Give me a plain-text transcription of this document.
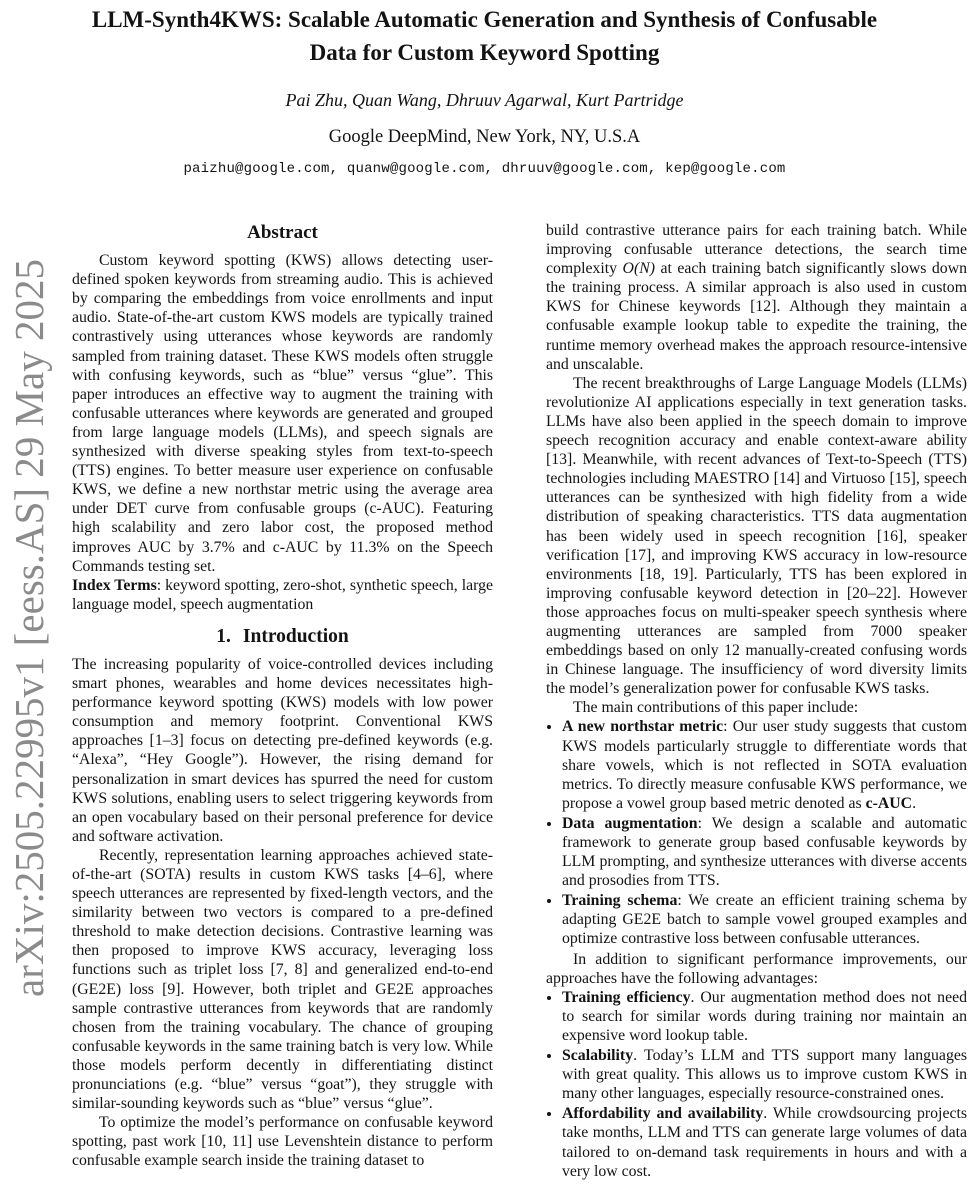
arXiv:2505.22995v1 [eess.AS] 29 May 2025
LLM-Synth4KWS: Scalable Automatic Generation and Synthesis of Confusable
Data for Custom Keyword Spotting
Pai Zhu, Quan Wang, Dhruuv Agarwal, Kurt Partridge
Google DeepMind, New York, NY, U.S.A
paizhu@google.com, quanw@google.com, dhruuv@google.com, kep@google.com
Abstract

Custom keyword spotting (KWS) allows detecting user-defined spoken keywords from streaming audio. This is achieved by comparing the embeddings from voice enrollments and input audio. State-of-the-art custom KWS models are typically trained contrastively using utterances whose keywords are randomly sampled from training dataset. These KWS models often struggle with confusing keywords, such as “blue” versus “glue”. This paper introduces an effective way to augment the training with confusable utterances where keywords are generated and grouped from large language models (LLMs), and speech signals are synthesized with diverse speaking styles from text-to-speech (TTS) engines. To better measure user experience on confusable KWS, we define a new northstar metric using the average area under DET curve from confusable groups (c-AUC). Featuring high scalability and zero labor cost, the proposed method improves AUC by 3.7% and c-AUC by 11.3% on the Speech Commands testing set.

Index Terms: keyword spotting, zero-shot, synthetic speech, large language model, speech augmentation

1. Introduction

The increasing popularity of voice-controlled devices including smart phones, wearables and home devices necessitates high-performance keyword spotting (KWS) models with low power consumption and memory footprint. Conventional KWS approaches [1–3] focus on detecting pre-defined keywords (e.g. “Alexa”, “Hey Google”). However, the rising demand for personalization in smart devices has spurred the need for custom KWS solutions, enabling users to select triggering keywords from an open vocabulary based on their personal preference for device and software activation.

Recently, representation learning approaches achieved state-of-the-art (SOTA) results in custom KWS tasks [4–6], where speech utterances are represented by fixed-length vectors, and the similarity between two vectors is compared to a pre-defined threshold to make detection decisions. Contrastive learning was then proposed to improve KWS accuracy, leveraging loss functions such as triplet loss [7, 8] and generalized end-to-end (GE2E) loss [9]. However, both triplet and GE2E approaches sample contrastive utterances from keywords that are randomly chosen from the training vocabulary. The chance of grouping confusable keywords in the same training batch is very low. While those models perform decently in differentiating distinct pronunciations (e.g. “blue” versus “goat”), they struggle with similar-sounding keywords such as “blue” versus “glue”.

To optimize the model’s performance on confusable keyword spotting, past work [10, 11] use Levenshtein distance to perform confusable example search inside the training dataset to

build contrastive utterance pairs for each training batch. While improving confusable utterance detections, the search time complexity O(N) at each training batch significantly slows down the training process. A similar approach is also used in custom KWS for Chinese keywords [12]. Although they maintain a confusable example lookup table to expedite the training, the runtime memory overhead makes the approach resource-intensive and unscalable.

The recent breakthroughs of Large Language Models (LLMs) revolutionize AI applications especially in text generation tasks. LLMs have also been applied in the speech domain to improve speech recognition accuracy and enable context-aware ability [13]. Meanwhile, with recent advances of Text-to-Speech (TTS) technologies including MAESTRO [14] and Virtuoso [15], speech utterances can be synthesized with high fidelity from a wide distribution of speaking characteristics. TTS data augmentation has been widely used in speech recognition [16], speaker verification [17], and improving KWS accuracy in low-resource environments [18, 19]. Particularly, TTS has been explored in improving confusable keyword detection in [20–22]. However those approaches focus on multi-speaker speech synthesis where augmenting utterances are sampled from 7000 speaker embeddings based on only 12 manually-created confusing words in Chinese language. The insufficiency of word diversity limits the model’s generalization power for confusable KWS tasks.

The main contributions of this paper include:

• A new northstar metric: Our user study suggests that custom KWS models particularly struggle to differentiate words that share vowels, which is not reflected in SOTA evaluation metrics. To directly measure confusable KWS performance, we propose a vowel group based metric denoted as c-AUC.
• Data augmentation: We design a scalable and automatic framework to generate group based confusable keywords by LLM prompting, and synthesize utterances with diverse accents and prosodies from TTS.
• Training schema: We create an efficient training schema by adapting GE2E batch to sample vowel grouped examples and optimize contrastive loss between confusable utterances.

In addition to significant performance improvements, our approaches have the following advantages:

• Training efficiency. Our augmentation method does not need to search for similar words during training nor maintain an expensive word lookup table.
• Scalability. Today’s LLM and TTS support many languages with great quality. This allows us to improve custom KWS in many other languages, especially resource-constrained ones.
• Affordability and availability. While crowdsourcing projects take months, LLM and TTS can generate large volumes of data tailored to on-demand task requirements in hours and with a very low cost.
